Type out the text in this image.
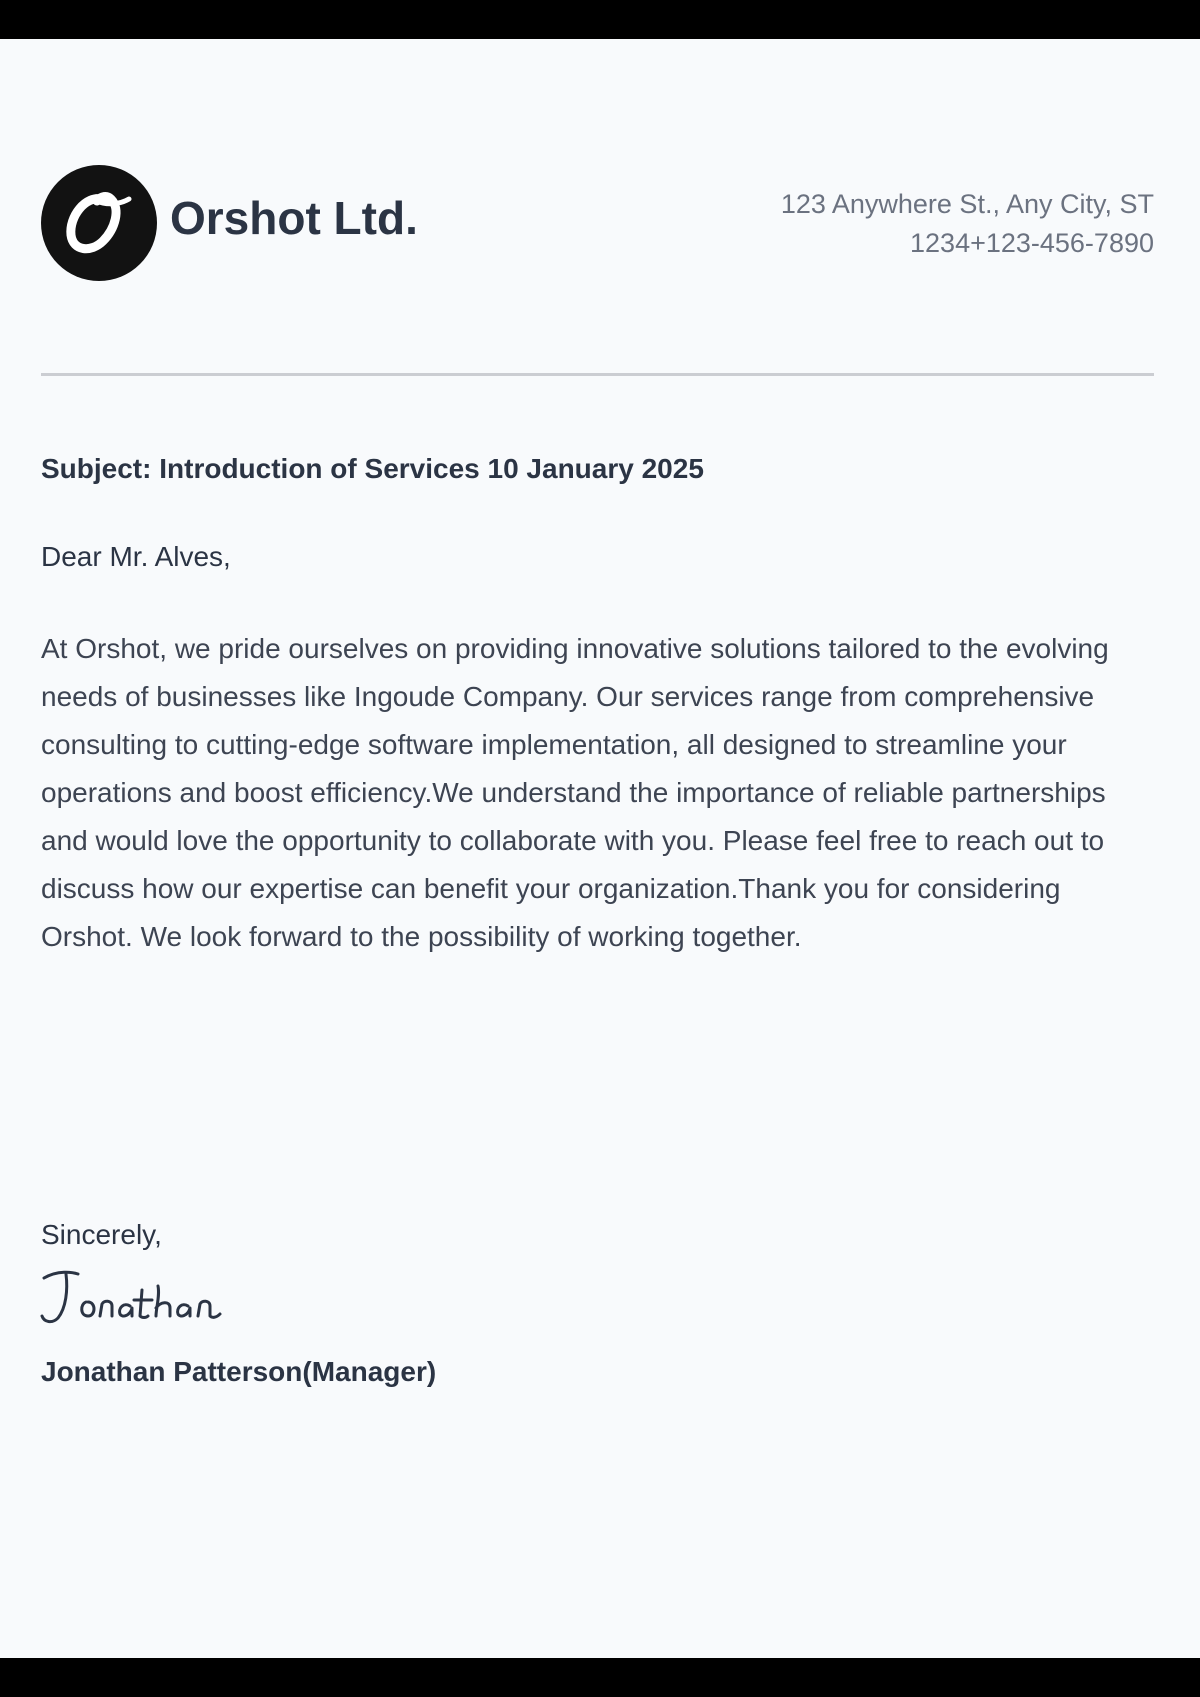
Orshot Ltd.	123 Anywhere St., Any City, ST
1234+123-456-7890
Subject: Introduction of Services 10 January 2025
Dear Mr. Alves,

At Orshot, we pride ourselves on providing innovative solutions tailored to the evolving needs of businesses like Ingoude Company. Our services range from comprehensive consulting to cutting-edge software implementation, all designed to streamline your operations and boost efficiency.We understand the importance of reliable partnerships and would love the opportunity to collaborate with you. Please feel free to reach out to discuss how our expertise can benefit your organization.Thank you for considering Orshot. We look forward to the possibility of working together.

Sincerely,
Jonathan Patterson(Manager)
